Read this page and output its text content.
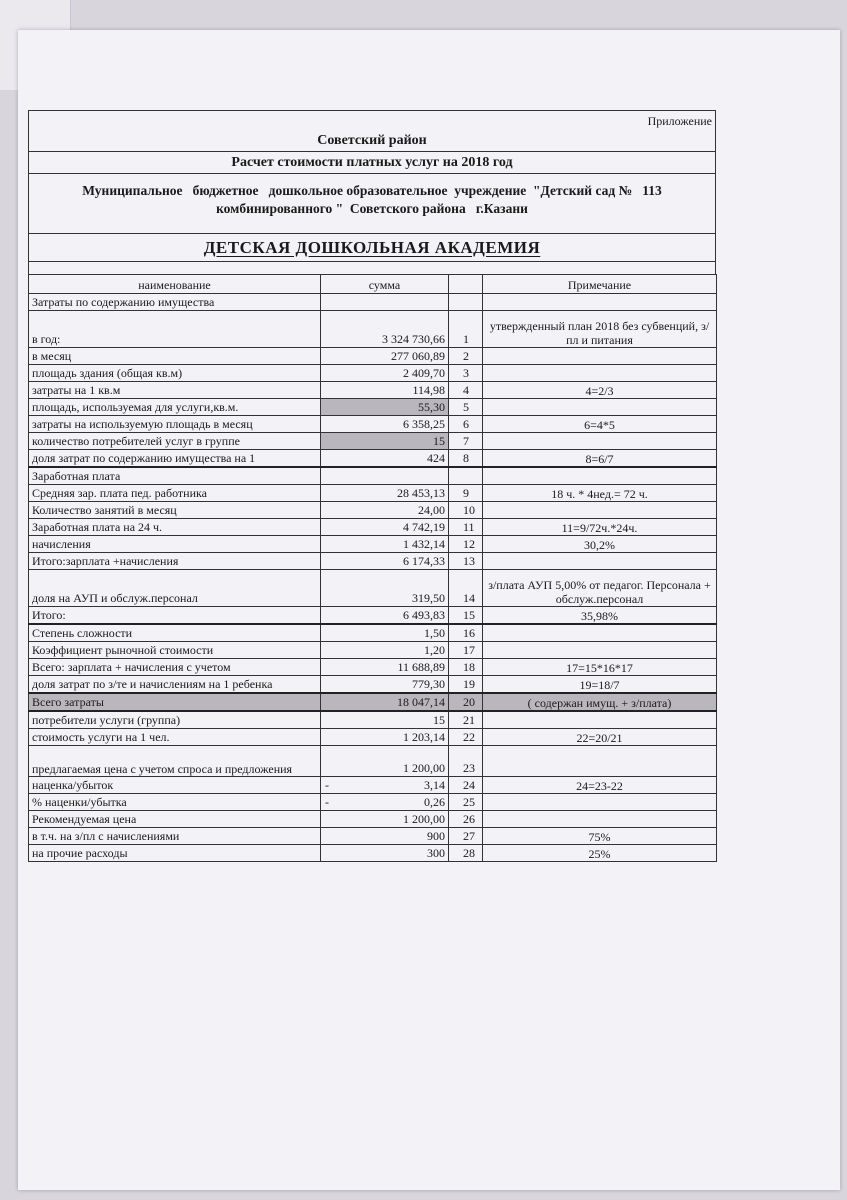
Приложение
Советский район
Расчет стоимости платных услуг на 2018 год
Муниципальное   бюджетное   дошкольное образовательное  учреждение  "Детский сад №   113
комбинированного "  Советского района   г.Казани
ДЕТСКАЯ ДОШКОЛЬНАЯ АКАДЕМИЯ
наименование	сумма		Примечание
Затраты по содержанию имущества			
в год:	3 324 730,66	1	утвержденный план 2018 без субвенций, з/пл и питания
в месяц	277 060,89	2	
площадь здания (общая кв.м)	2 409,70	3	
затраты на 1 кв.м	114,98	4	4=2/3
площадь, используемая для услуги,кв.м.	55,30	5	
затраты на используемую площадь в месяц	6 358,25	6	6=4*5
количество потребителей услуг в группе	15	7	
доля затрат по содержанию имущества на 1	424	8	8=6/7
Заработная плата			
Средняя зар. плата пед. работника	28 453,13	9	18 ч. * 4нед.= 72 ч.
Количество занятий в месяц	24,00	10	
Заработная плата на 24 ч.	4 742,19	11	11=9/72ч.*24ч.
начисления	1 432,14	12	30,2%
Итого:зарплата +начисления	6 174,33	13	
доля на АУП и обслуж.персонал	319,50	14	з/плата АУП 5,00% от педагог. Персонала + обслуж.персонал
Итого:	6 493,83	15	35,98%
Степень сложности	1,50	16	
Коэффициент рыночной стоимости	1,20	17	
Всего: зарплата + начисления с учетом	11 688,89	18	17=15*16*17
доля затрат по з/те и начислениям на 1 ребенка	779,30	19	19=18/7
Всего затраты	18 047,14	20	( содержан имущ. + з/плата)
потребители услуги (группа)	15	21	
стоимость услуги на 1 чел.	1 203,14	22	22=20/21
предлагаемая цена с учетом спроса и предложения	1 200,00	23	
наценка/убыток	- 3,14	24	24=23-22
% наценки/убытка	- 0,26	25	
Рекомендуемая цена	1 200,00	26	
в т.ч. на з/пл с начислениями	900	27	75%
на прочие расходы	300	28	25%
